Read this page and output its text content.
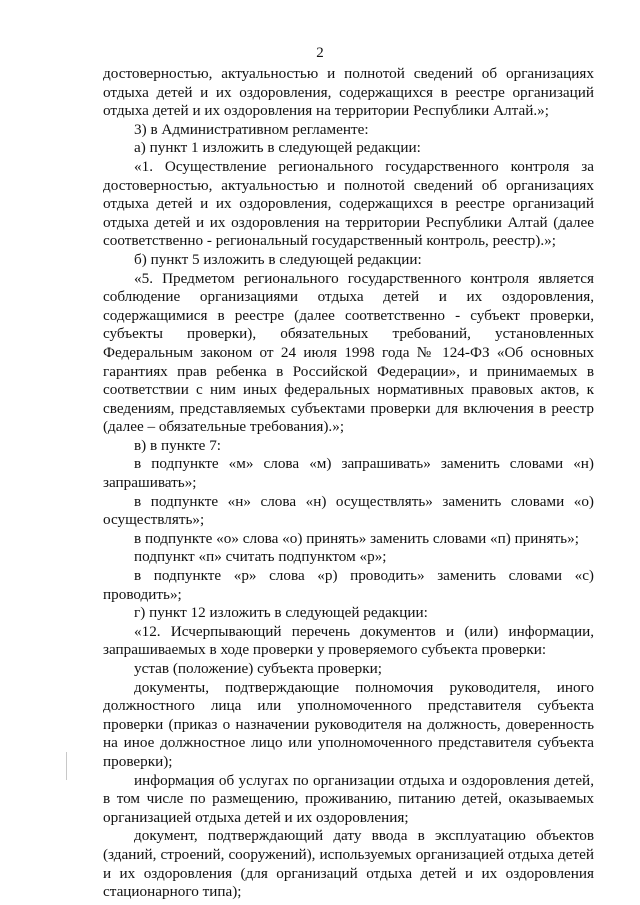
2

достоверностью, актуальностью и полнотой сведений об организациях отдыха детей и их оздоровления, содержащихся в реестре организаций отдыха детей и их оздоровления на территории Республики Алтай.»;

3) в Административном регламенте:

а) пункт 1 изложить в следующей редакции:

«1. Осуществление регионального государственного контроля за достоверностью, актуальностью и полнотой сведений об организациях отдыха детей и их оздоровления, содержащихся в реестре организаций отдыха детей и их оздоровления на территории Республики Алтай (далее соответственно - региональный государственный контроль, реестр).»;

б) пункт 5 изложить в следующей редакции:

«5. Предметом регионального государственного контроля является соблюдение организациями отдыха детей и их оздоровления, содержащимися в реестре (далее соответственно - субъект проверки, субъекты проверки), обязательных требований, установленных Федеральным законом от 24 июля 1998 года № 124-ФЗ «Об основных гарантиях прав ребенка в Российской Федерации», и принимаемых в соответствии с ним иных федеральных нормативных правовых актов, к сведениям, представляемых субъектами проверки для включения в реестр (далее – обязательные требования).»;

в) в пункте 7:

в подпункте «м» слова «м) запрашивать» заменить словами «н) запрашивать»;

в подпункте «н» слова «н) осуществлять» заменить словами «о) осуществлять»;

в подпункте «о» слова «о) принять» заменить словами «п) принять»;

подпункт «п» считать подпунктом «р»;

в подпункте «р» слова «р) проводить» заменить словами «с) проводить»;

г) пункт 12 изложить в следующей редакции:

«12. Исчерпывающий перечень документов и (или) информации, запрашиваемых в ходе проверки у проверяемого субъекта проверки:

устав (положение) субъекта проверки;

документы, подтверждающие полномочия руководителя, иного должностного лица или уполномоченного представителя субъекта проверки (приказ о назначении руководителя на должность, доверенность на иное должностное лицо или уполномоченного представителя субъекта проверки);

информация об услугах по организации отдыха и оздоровления детей, в том числе по размещению, проживанию, питанию детей, оказываемых организацией отдыха детей и их оздоровления;

документ, подтверждающий дату ввода в эксплуатацию объектов (зданий, строений, сооружений), используемых организацией отдыха детей и их оздоровления (для организаций отдыха детей и их оздоровления стационарного типа);
